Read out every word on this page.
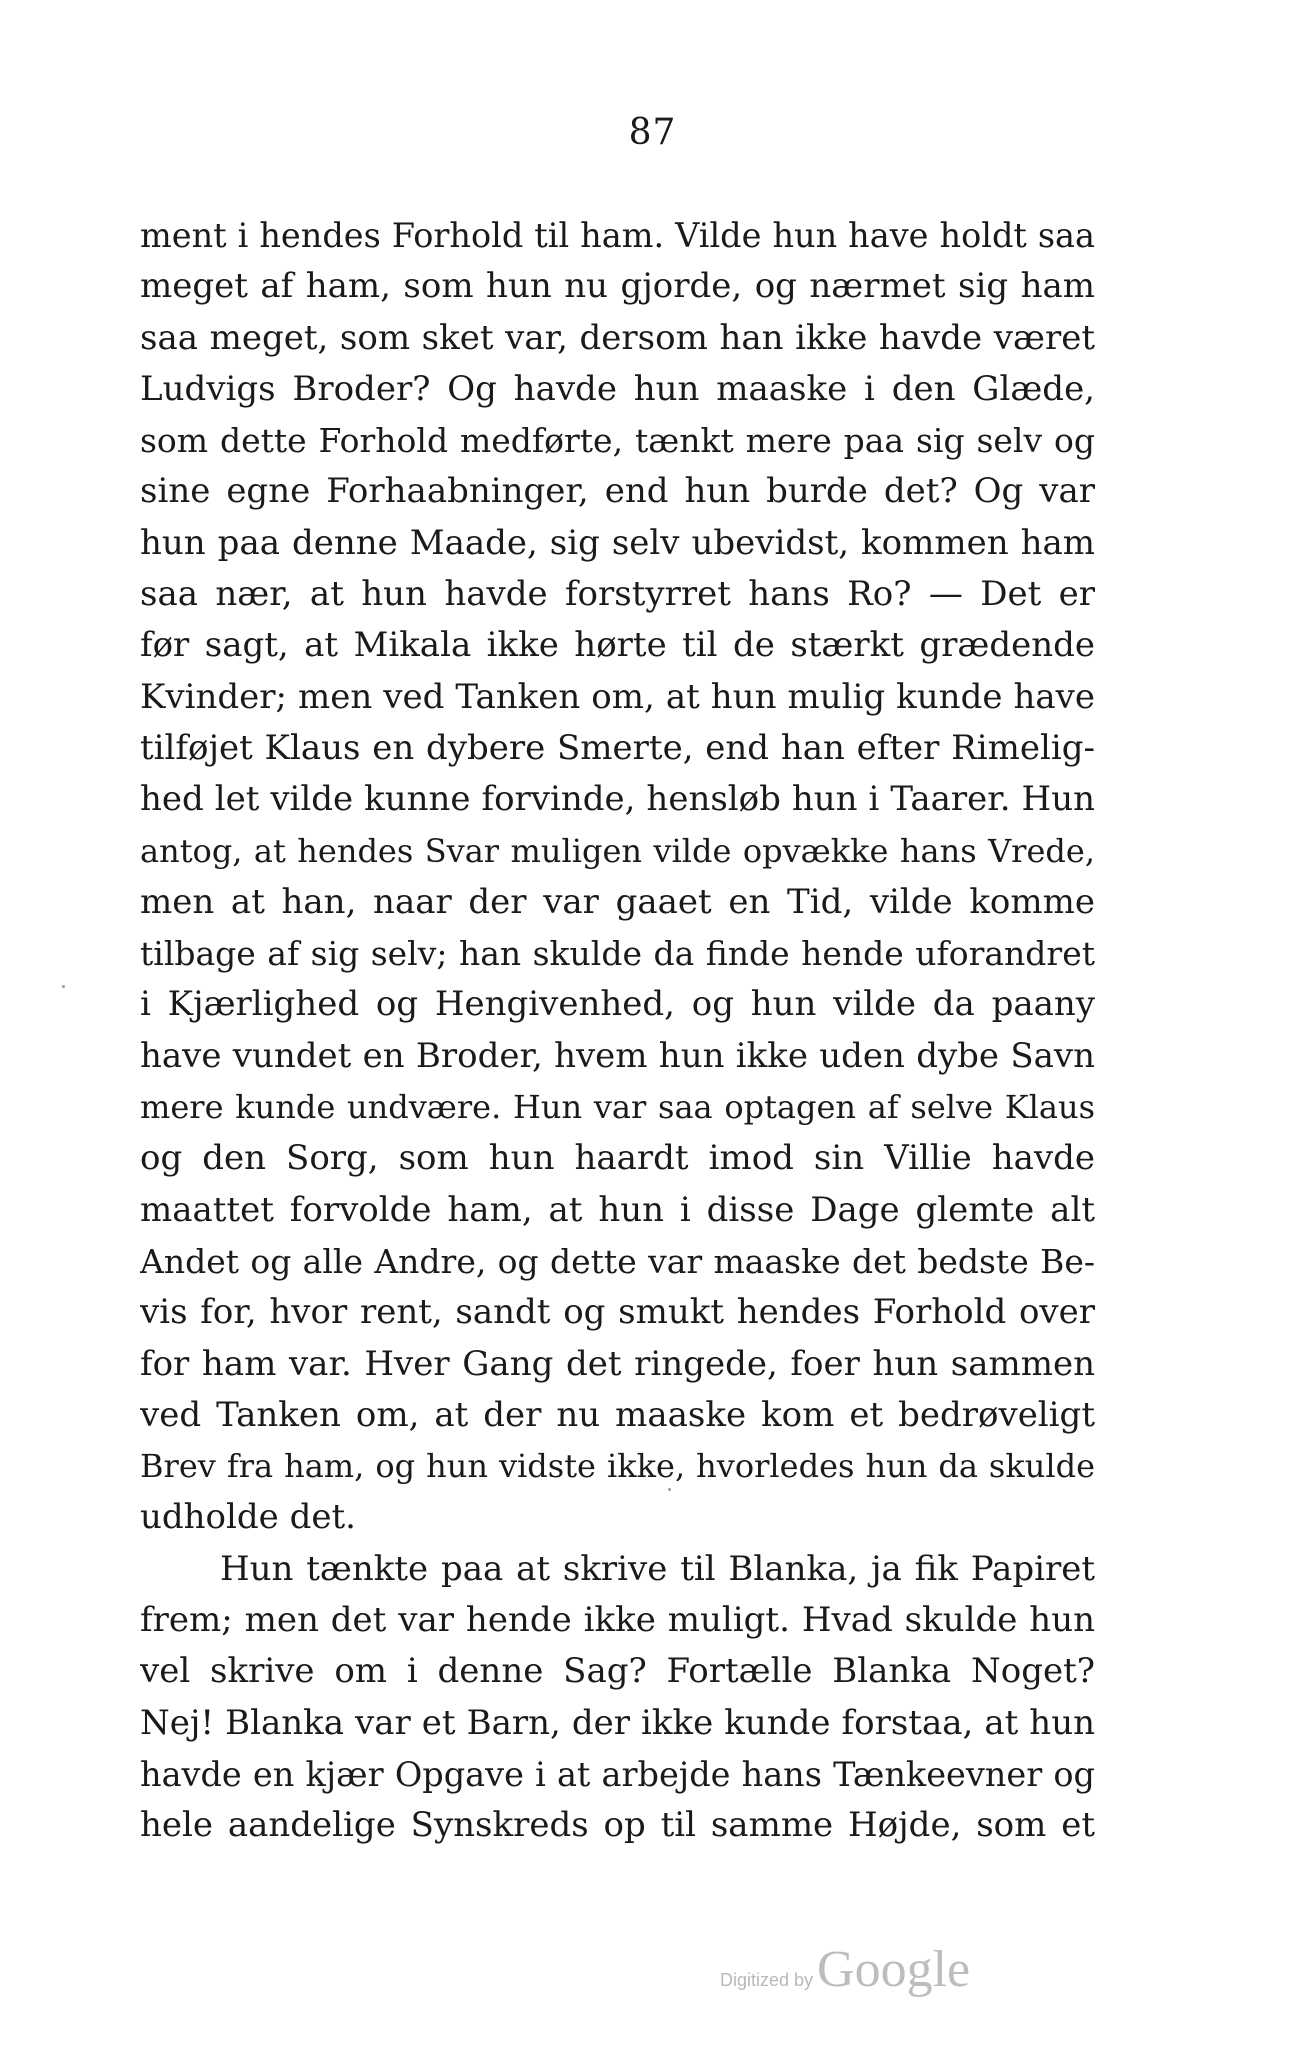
87
ment i hendes Forhold til ham. Vilde hun have holdt saa
meget af ham, som hun nu gjorde, og nærmet sig ham
saa meget, som sket var, dersom han ikke havde været
Ludvigs Broder? Og havde hun maaske i den Glæde,
som dette Forhold medførte, tænkt mere paa sig selv og
sine egne Forhaabninger, end hun burde det? Og var
hun paa denne Maade, sig selv ubevidst, kommen ham
saa nær, at hun havde forstyrret hans Ro? — Det er
før sagt, at Mikala ikke hørte til de stærkt grædende
Kvinder; men ved Tanken om, at hun mulig kunde have
tilføjet Klaus en dybere Smerte, end han efter Rimelig-
hed let vilde kunne forvinde, hensløb hun i Taarer. Hun
antog, at hendes Svar muligen vilde opvække hans Vrede,
men at han, naar der var gaaet en Tid, vilde komme
tilbage af sig selv; han skulde da finde hende uforandret
i Kjærlighed og Hengivenhed, og hun vilde da paany
have vundet en Broder, hvem hun ikke uden dybe Savn
mere kunde undvære. Hun var saa optagen af selve Klaus
og den Sorg, som hun haardt imod sin Villie havde
maattet forvolde ham, at hun i disse Dage glemte alt
Andet og alle Andre, og dette var maaske det bedste Be-
vis for, hvor rent, sandt og smukt hendes Forhold over
for ham var. Hver Gang det ringede, foer hun sammen
ved Tanken om, at der nu maaske kom et bedrøveligt
Brev fra ham, og hun vidste ikke, hvorledes hun da skulde
udholde det.
Hun tænkte paa at skrive til Blanka, ja fik Papiret
frem; men det var hende ikke muligt. Hvad skulde hun
vel skrive om i denne Sag? Fortælle Blanka Noget?
Nej! Blanka var et Barn, der ikke kunde forstaa, at hun
havde en kjær Opgave i at arbejde hans Tænkeevner og
hele aandelige Synskreds op til samme Højde, som et
Digitized by Google
